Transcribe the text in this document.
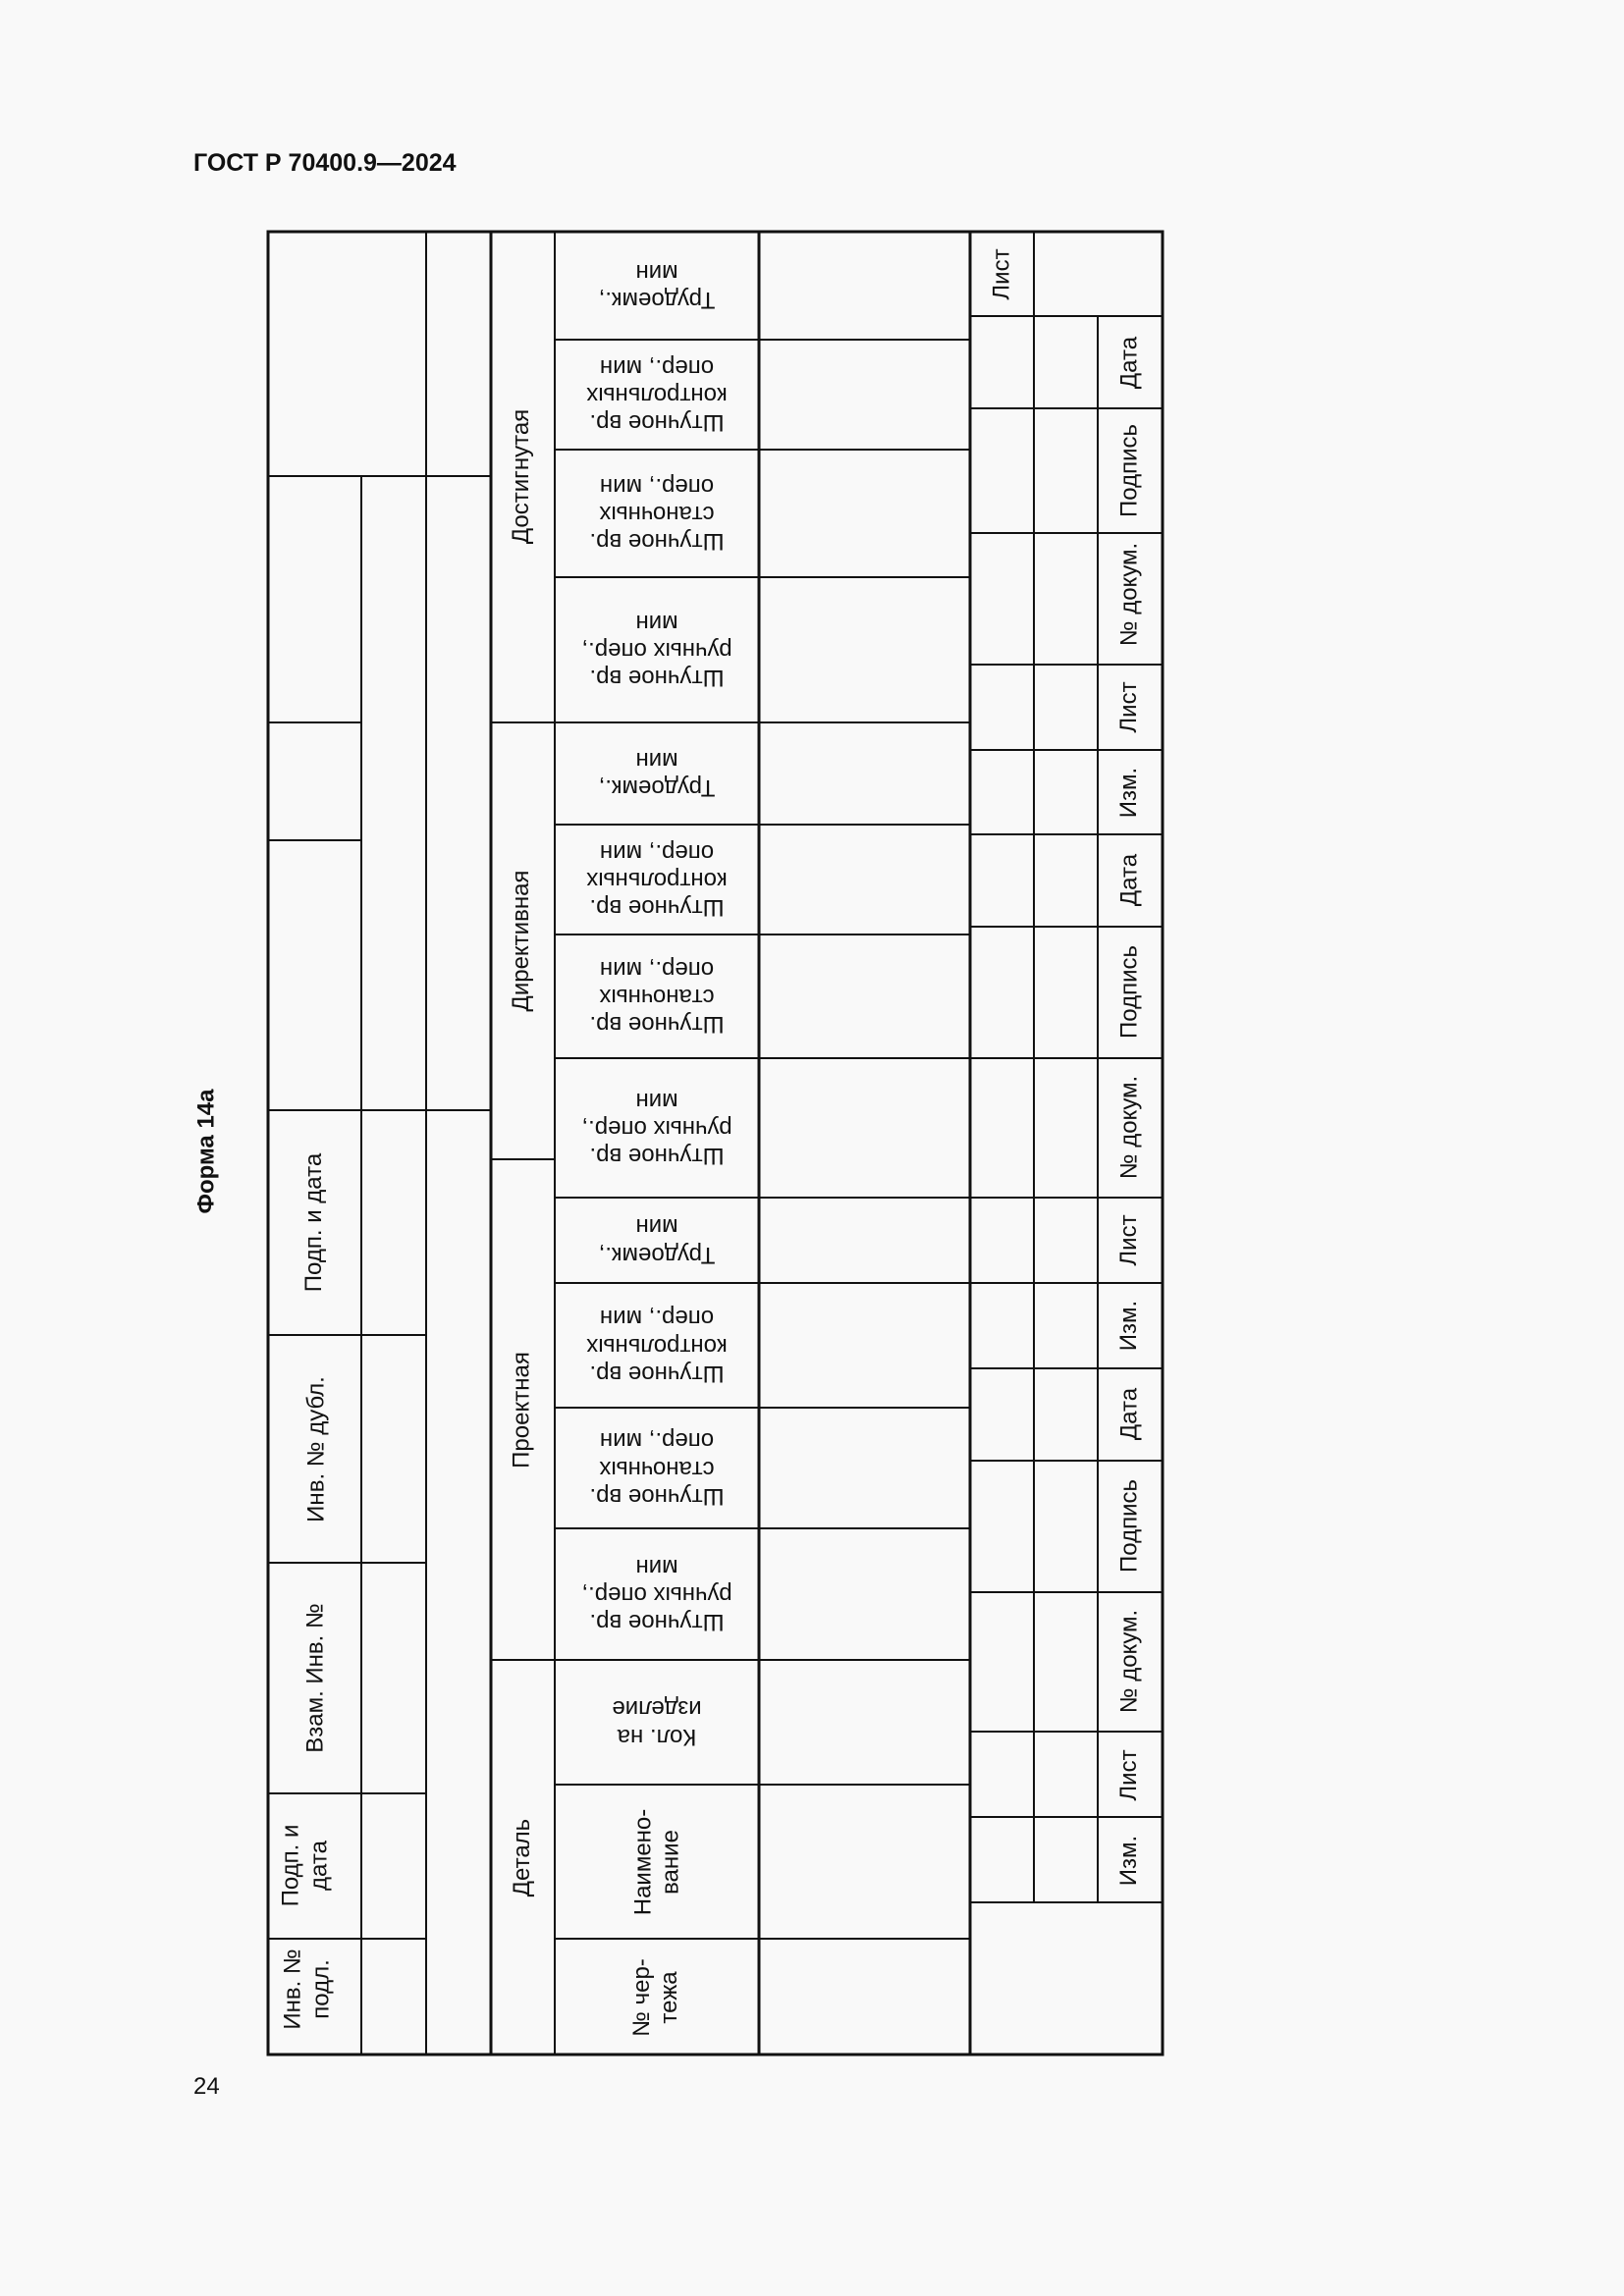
ГОСТ Р 70400.9—2024
24
Форма 14а
Инв. № подл.
Подп. и дата
Взам. Инв. №
Инв. № дубл.
Подп. и дата
Деталь
Проектная
Директивная
Достигнутая
№ чер- тежа
Наимено- вание
Кол. на
изделие
Штучное вр.
ручных опер.,
мин
Штучное вр.
станочных
опер., мин
Штучное вр.
контрольных
опер., мин
Трудоемк.,
мин
Штучное вр.
ручных опер.,
мин
Штучное вр.
станочных
опер., мин
Штучное вр.
контрольных
опер., мин
Трудоемк.,
мин
Штучное вр.
ручных опер.,
мин
Штучное вр.
станочных
опер., мин
Штучное вр.
контрольных
опер., мин
Трудоемк.,
мин
Изм.
Лист
№ докум.
Подпись
Дата
Изм.
Лист
№ докум.
Подпись
Дата
Изм.
Лист
№ докум.
Подпись
Дата
Лист
